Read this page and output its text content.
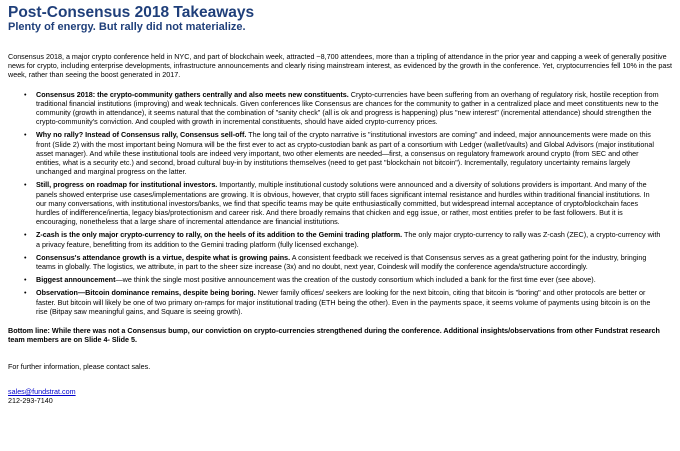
Post-Consensus 2018 Takeaways
Plenty of energy. But rally did not materialize.

Consensus 2018, a major crypto conference held in NYC, and part of blockchain week, attracted ~8,700 attendees, more than a tripling of attendance in the prior year and capping a week of generally positive news for crypto, including enterprise developments, infrastructure announcements and clearly rising mainstream interest, as evidenced by the growth in the conference. Yet, cryptocurrencies fell 10% in the past week, rather than seeing the boost generated in 2017.

• Consensus 2018: the crypto-community gathers centrally and also meets new constituents. Crypto-currencies have been suffering from an overhang of regulatory risk, hostile reception from traditional financial institutions (improving) and weak technicals. Given conferences like Consensus are chances for the community to gather in a centralized place and meet constituents new to the community (growth in attendance), it seems natural that the combination of "sanity check" (all is ok and progress is happening) plus "new interest" (incremental attendance) should strengthen the crypto-community's conviction. And coupled with growth in incremental constituents, should have aided crypto-currency prices.
• Why no rally? Instead of Consensus rally, Consensus sell-off. The long tail of the crypto narrative is "institutional investors are coming" and indeed, major announcements were made on this front (Slide 2) with the most important being Nomura will be the first ever to act as crypto-custodian bank as part of a consortium with Ledger (wallet/vaults) and Global Advisors (major institutional asset manager). And while these institutional tools are indeed very important, two other elements are needed—first, a consensus on regulatory framework around crypto (from SEC and other entities, what is a security etc.) and second, broad cultural buy-in by institutions themselves (need to get past "blockchain not bitcoin"). Incrementally, regulatory uncertainty remains largely unchanged and marginal progress on the latter.
• Still, progress on roadmap for institutional investors. Importantly, multiple institutional custody solutions were announced and a diversity of solutions providers is important. And many of the panels showed enterprise use cases/implementations are growing. It is obvious, however, that crypto still faces significant internal resistance and hurdles within traditional financial institutions. In our many conversations, with institutional investors/banks, we find that specific teams may be quite enthusiastically committed, but widespread internal acceptance of crypto/blockchain faces hurdles of indifference/inertia, legacy bias/protectionism and career risk. And there broadly remains that chicken and egg issue, or rather, most entities prefer to be fast followers. But it is encouraging, nonetheless that a large share of incremental attendance are financial institutions.
• Z-cash is the only major crypto-currency to rally, on the heels of its addition to the Gemini trading platform. The only major crypto-currency to rally was Z-cash (ZEC), a crypto-currency with a privacy feature, benefitting from its addition to the Gemini trading platform (fully licensed exchange).
• Consensus's attendance growth is a virtue, despite what is growing pains. A consistent feedback we received is that Consensus serves as a great gathering point for the industry, bringing teams in globally. The logistics, we attribute, in part to the sheer size increase (3x) and no doubt, next year, Coindesk will modify the conference agenda/structure accordingly.
• Biggest announcement—we think the single most positive announcement was the creation of the custody consortium which included a bank for the first time ever (see above).
• Observation—Bitcoin dominance remains, despite being boring. Newer family offices/ seekers are looking for the next bitcoin, citing that bitcoin is "boring" and other protocols are better or faster. But bitcoin will likely be one of two primary on-ramps for major institutional trading (ETH being the other). Even in the payments space, it seems volume of payments using bitcoin is on the rise (Bitpay saw meaningful gains, and Square is seeing growth).

Bottom line: While there was not a Consensus bump, our conviction on crypto-currencies strengthened during the conference. Additional insights/observations from other Fundstrat research team members are on Slide 4- Slide 5.

For further information, please contact sales.

sales@fundstrat.com
212-293-7140
